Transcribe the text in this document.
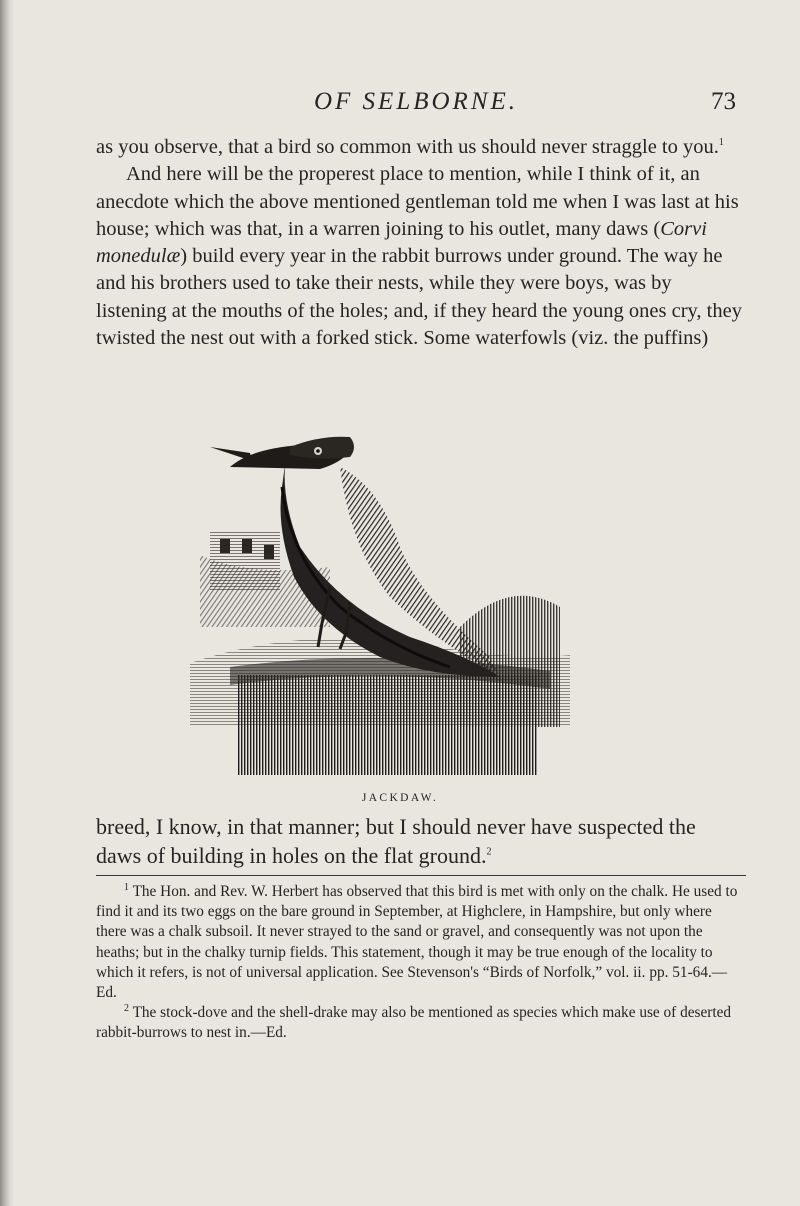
OF SELBORNE.	73

as you observe, that a bird so common with us should never straggle to you.$^1$

And here will be the properest place to mention, while I think of it, an anecdote which the above mentioned gentleman told me when I was last at his house; which was that, in a warren joining to his outlet, many daws (Corvi monedulæ) build every year in the rabbit burrows under ground. The way he and his brothers used to take their nests, while they were boys, was by listening at the mouths of the holes; and, if they heard the young ones cry, they twisted the nest out with a forked stick. Some waterfowls (viz. the puffins)

JACKDAW.
breed, I know, in that manner; but I should never have suspected the daws of building in holes on the flat ground.$^2$

$^1$ The Hon. and Rev. W. Herbert has observed that this bird is met with only on the chalk. He used to find it and its two eggs on the bare ground in September, at Highclere, in Hampshire, but only where there was a chalk subsoil. It never strayed to the sand or gravel, and consequently was not upon the heaths; but in the chalky turnip fields. This statement, though it may be true enough of the locality to which it refers, is not of universal application. See Stevenson's “Birds of Norfolk,” vol. ii. pp. 51-64.—Ed.

$^2$ The stock-dove and the shell-drake may also be mentioned as species which make use of deserted rabbit-burrows to nest in.—Ed.
